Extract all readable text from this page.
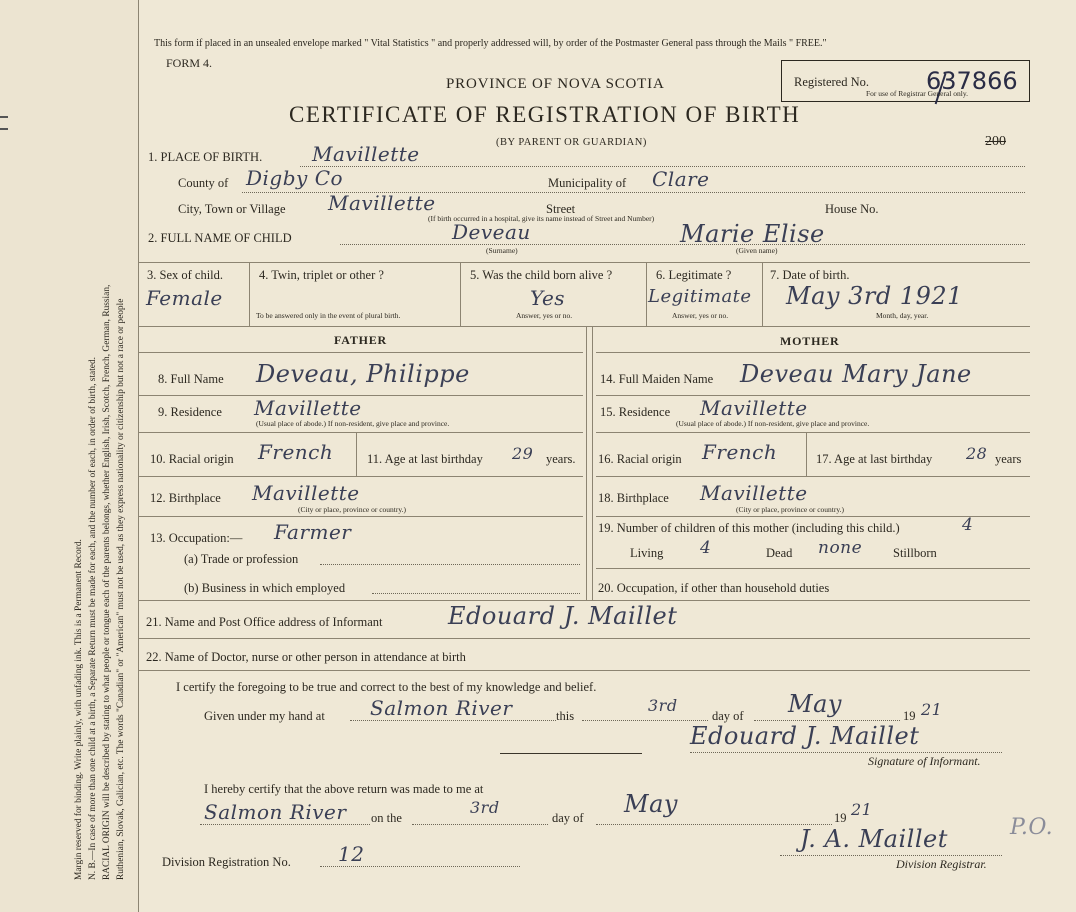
Margin reserved for binding. Write plainly, with unfading ink. This is a Permanent Record. N. B.—In case of more than one child at a birth, a Separate Return must be made for each, and the number of each, in order of birth, stated. RACIAL ORIGIN will be described by stating to what people or tongue each of the parents belongs, whether English, Irish, Scotch, French, German, Russian, Ruthenian, Slovak, Galician, etc. The words "Canadian" or "American" must not be used, as they express nationality or citizenship but not a race or people
This form if placed in an unsealed envelope marked " Vital Statistics " and properly addressed will, by order of the Postmaster General pass through the Mails " FREE."
FORM 4.
PROVINCE OF NOVA SCOTIA
CERTIFICATE OF REGISTRATION OF BIRTH
(BY PARENT OR GUARDIAN)
Registered No. 637866
For use of Registrar General only.
200
1. PLACE OF BIRTH. Mavillette
County of Digby Co	Municipality of Clare
City, Town or Village Mavillette	Street	House No.
(If birth occurred in a hospital, give its name instead of Street and Number)
2. FULL NAME OF CHILD	Deveau	Marie Elise
(Surname)	(Given name)
3. Sex of child.
Female
4. Twin, triplet or other ?
To be answered only in the event of plural birth.
5. Was the child born alive ?
Yes
Answer, yes or no.
6. Legitimate ?
Legitimate
Answer, yes or no.
7. Date of birth.
May 3rd 1921
Month, day, year.
FATHER	MOTHER
8. Full Name Deveau, Philippe
9. Residence Mavillette
(Usual place of abode.) If non-resident, give place and province.
10. Racial origin French	11. Age at last birthday 29 years.
12. Birthplace Mavillette
(City or place, province or country.)
13. Occupation:— Farmer
(a) Trade or profession
(b) Business in which employed
14. Full Maiden Name Deveau Mary Jane
15. Residence Mavillette
(Usual place of abode.) If non-resident, give place and province.
16. Racial origin French	17. Age at last birthday 28 years
18. Birthplace Mavillette
(City or place, province or country.)
19. Number of children of this mother (including this child.)	4
Living 4	Dead none Stillborn
20. Occupation, if other than household duties
21. Name and Post Office address of Informant	Edouard J. Maillet
22. Name of Doctor, nurse or other person in attendance at birth
I certify the foregoing to be true and correct to the best of my knowledge and belief.
Given under my hand at Salmon River	this
3rd
day of May	19 21
Edouard J. Maillet
Signature of Informant.
I hereby certify that the above return was made to me at
Salmon River on the
3rd
day of May	19 21
Division Registration No. 12
J. A. Maillet	P.O.
Division Registrar.
